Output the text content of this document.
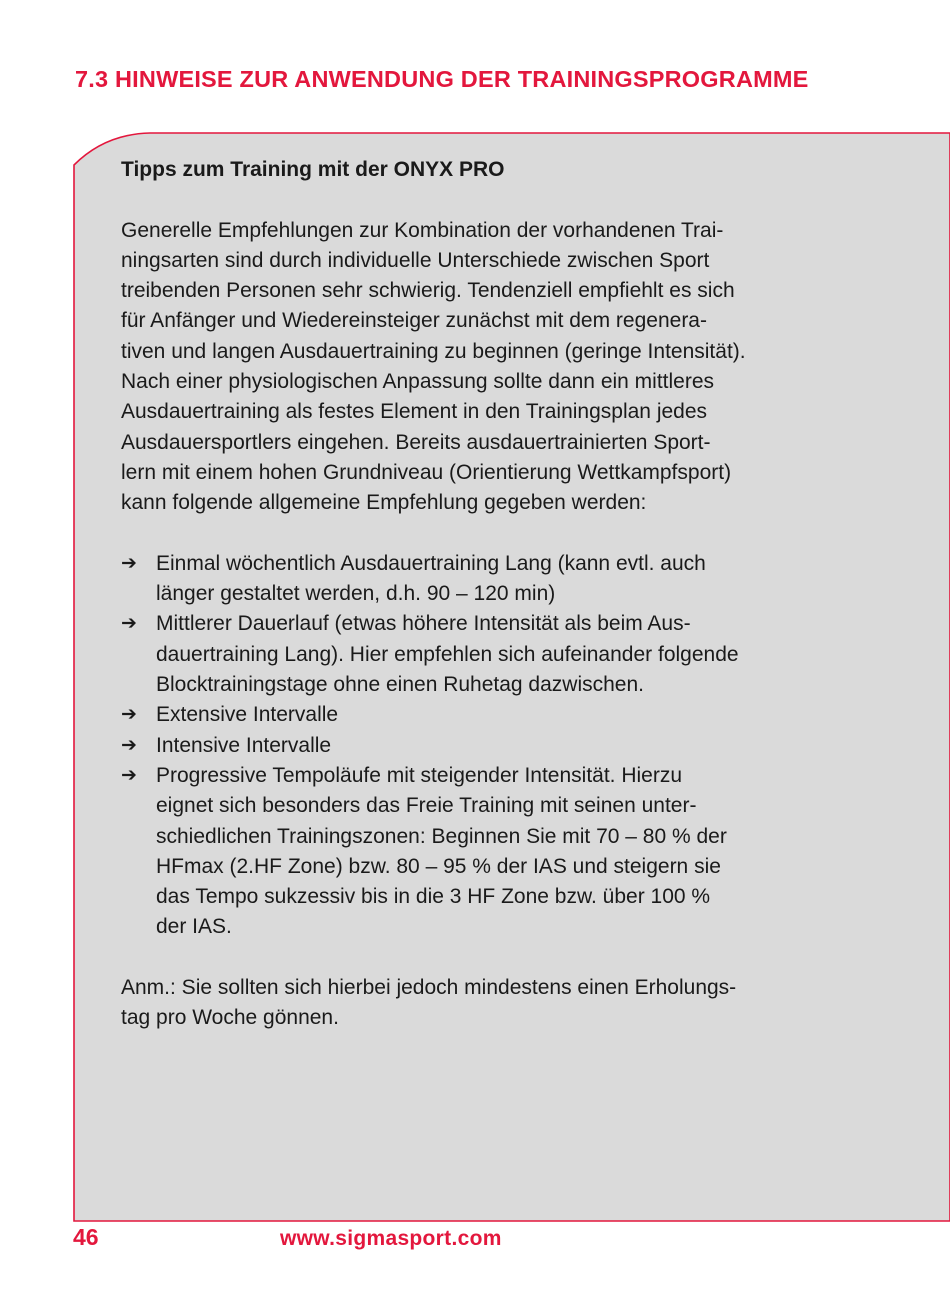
7.3 HINWEISE ZUR ANWENDUNG DER TRAININGSPROGRAMME
Tipps zum Training mit der ONYX PRO

Generelle Empfehlungen zur Kombination der vorhandenen Trai-
ningsarten sind durch individuelle Unterschiede zwischen Sport
treibenden Personen sehr schwierig. Tendenziell empfiehlt es sich
für Anfänger und Wiedereinsteiger zunächst mit dem regenera-
tiven und langen Ausdauertraining zu beginnen (geringe Intensität).
Nach einer physiologischen Anpassung sollte dann ein mittleres
Ausdauertraining als festes Element in den Trainingsplan jedes
Ausdauersportlers eingehen. Bereits ausdauertrainierten Sport-
lern mit einem hohen Grundniveau (Orientierung Wettkampfsport)
kann folgende allgemeine Empfehlung gegeben werden:

➔ Einmal wöchentlich Ausdauertraining Lang (kann evtl. auch
länger gestaltet werden, d.h. 90 – 120 min)
➔ Mittlerer Dauerlauf (etwas höhere Intensität als beim Aus-
dauertraining Lang). Hier empfehlen sich aufeinander folgende
Blocktrainingstage ohne einen Ruhetag dazwischen.
➔ Extensive Intervalle
➔ Intensive Intervalle
➔ Progressive Tempoläufe mit steigender Intensität. Hierzu
eignet sich besonders das Freie Training mit seinen unter-
schiedlichen Trainingszonen: Beginnen Sie mit 70 – 80 % der
HFmax (2.HF Zone) bzw. 80 – 95 % der IAS und steigern sie
das Tempo sukzessiv bis in die 3 HF Zone bzw. über 100 %
der IAS.

Anm.: Sie sollten sich hierbei jedoch mindestens einen Erholungs-
tag pro Woche gönnen.

46	www.sigmasport.com
